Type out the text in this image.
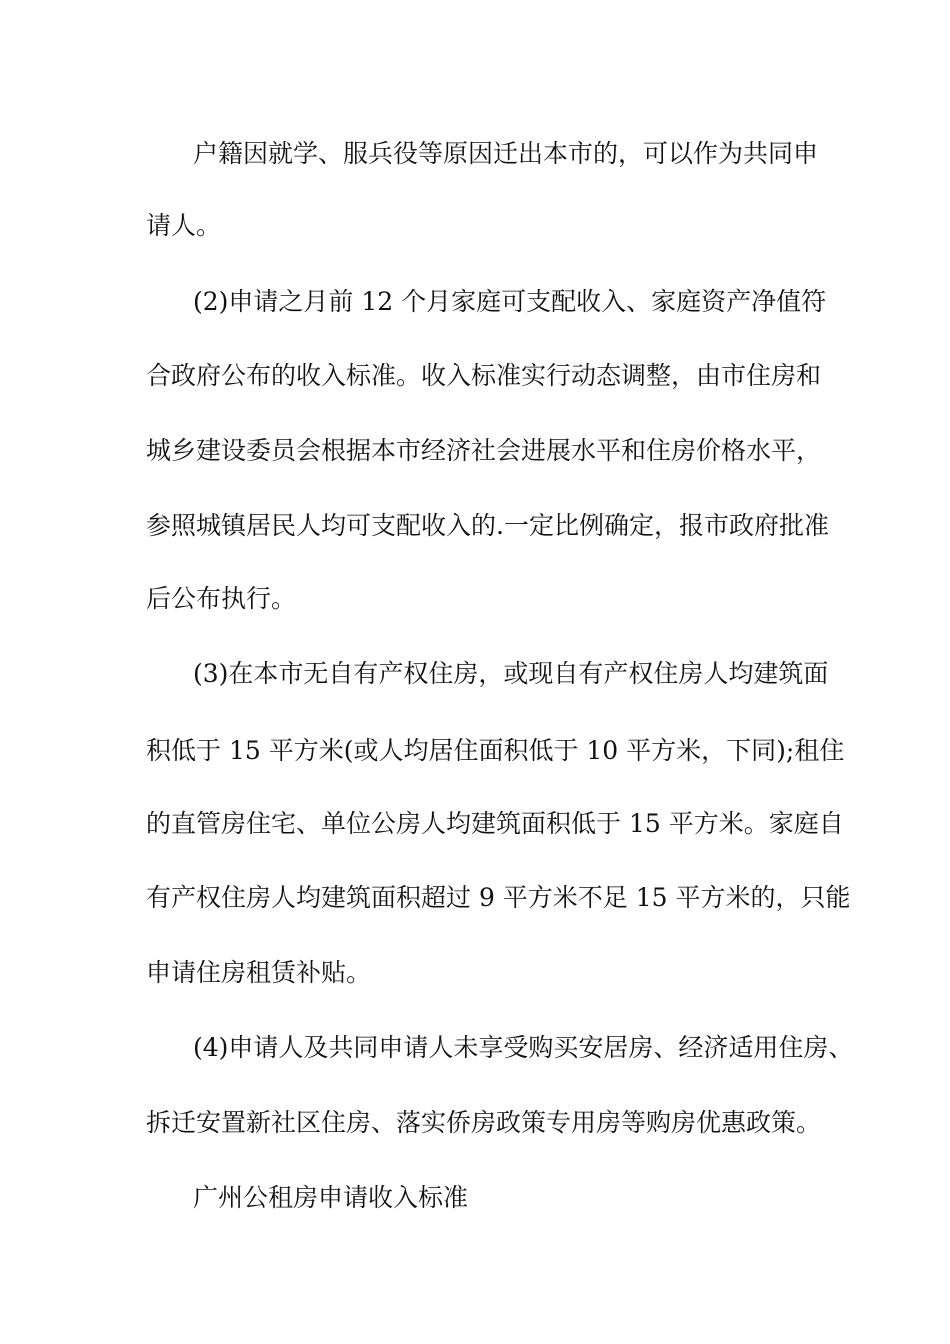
户籍因就学、服兵役等原因迁出本市的，可以作为共同申
请人。
(2)申请之月前 12 个月家庭可支配收入、家庭资产净值符
合政府公布的收入标准。收入标准实行动态调整，由市住房和
城乡建设委员会根据本市经济社会进展水平和住房价格水平，
参照城镇居民人均可支配收入的.一定比例确定，报市政府批准
后公布执行。
(3)在本市无自有产权住房，或现自有产权住房人均建筑面
积低于 15 平方米(或人均居住面积低于 10 平方米，下同);租住
的直管房住宅、单位公房人均建筑面积低于 15 平方米。家庭自
有产权住房人均建筑面积超过 9 平方米不足 15 平方米的，只能
申请住房租赁补贴。
(4)申请人及共同申请人未享受购买安居房、经济适用住房、
拆迁安置新社区住房、落实侨房政策专用房等购房优惠政策。
广州公租房申请收入标准
